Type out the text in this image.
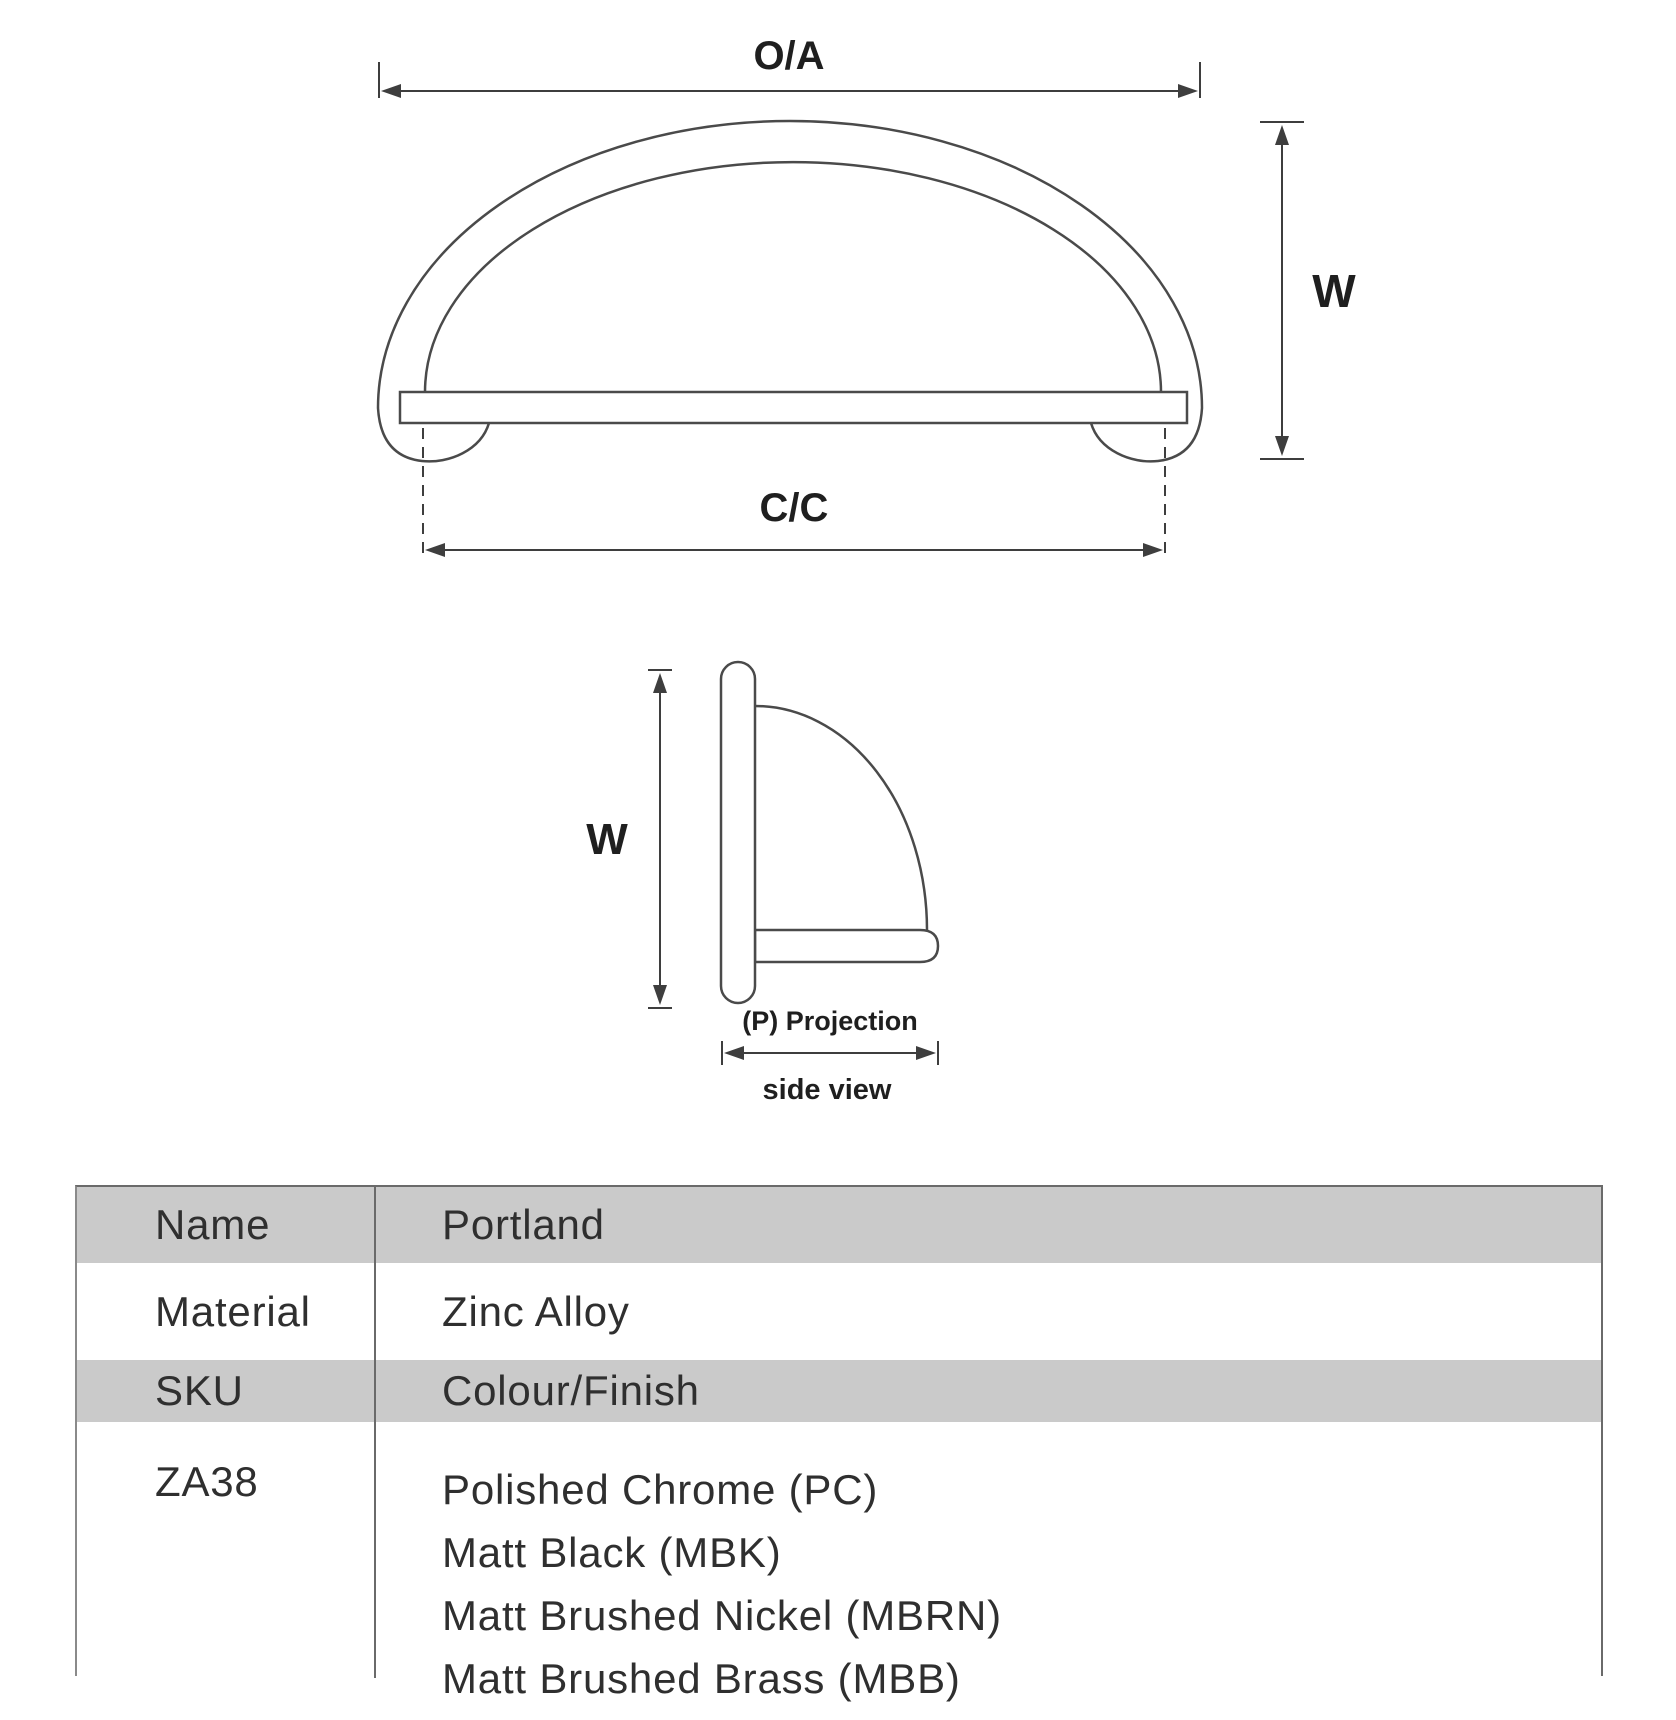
O/A
C/C
W
W
(P) Projection
side view
Name	Portland
Material	Zinc Alloy
SKU	Colour/Finish
ZA38	Polished Chrome (PC)
Matt Black (MBK)
Matt Brushed Nickel (MBRN)
Matt Brushed Brass (MBB)
